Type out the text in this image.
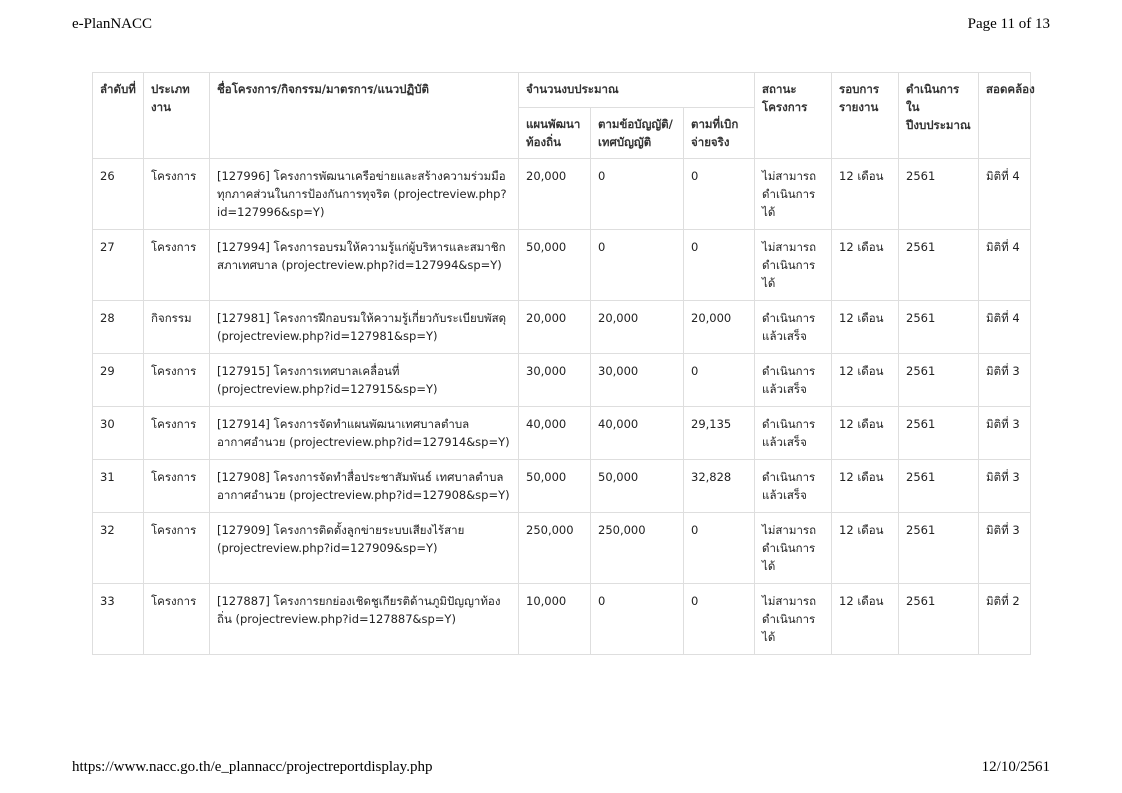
e-PlanNACC	Page 11 of 13
ลำดับที่	ประเภทงาน	ชื่อโครงการ/กิจกรรม/มาตรการ/แนวปฏิบัติ	จำนวนงบประมาณ			สถานะโครงการ	รอบการรายงาน	ดำเนินการในปีงบประมาณ	สอดคล้อง
			แผนพัฒนาท้องถิ่น	ตามข้อบัญญัติ/เทศบัญญัติ	ตามที่เบิกจ่ายจริง				
26	โครงการ	[127996] โครงการพัฒนาเครือข่ายและสร้างความร่วมมือทุกภาคส่วนในการป้องกันการทุจริต (projectreview.php?id=127996&sp=Y)	20,000	0	0	ไม่สามารถดำเนินการได้	12 เดือน	2561	มิติที่ 4
27	โครงการ	[127994] โครงการอบรมให้ความรู้แก่ผู้บริหารและสมาชิกสภาเทศบาล (projectreview.php?id=127994&sp=Y)	50,000	0	0	ไม่สามารถดำเนินการได้	12 เดือน	2561	มิติที่ 4
28	กิจกรรม	[127981] โครงการฝึกอบรมให้ความรู้เกี่ยวกับระเบียบพัสดุ (projectreview.php?id=127981&sp=Y)	20,000	20,000	20,000	ดำเนินการแล้วเสร็จ	12 เดือน	2561	มิติที่ 4
29	โครงการ	[127915] โครงการเทศบาลเคลื่อนที่ (projectreview.php?id=127915&sp=Y)	30,000	30,000	0	ดำเนินการแล้วเสร็จ	12 เดือน	2561	มิติที่ 3
30	โครงการ	[127914] โครงการจัดทำแผนพัฒนาเทศบาลตำบลอากาศอำนวย (projectreview.php?id=127914&sp=Y)	40,000	40,000	29,135	ดำเนินการแล้วเสร็จ	12 เดือน	2561	มิติที่ 3
31	โครงการ	[127908] โครงการจัดทำสื่อประชาสัมพันธ์ เทศบาลตำบลอากาศอำนวย (projectreview.php?id=127908&sp=Y)	50,000	50,000	32,828	ดำเนินการแล้วเสร็จ	12 เดือน	2561	มิติที่ 3
32	โครงการ	[127909] โครงการติดตั้งลูกข่ายระบบเสียงไร้สาย (projectreview.php?id=127909&sp=Y)	250,000	250,000	0	ไม่สามารถดำเนินการได้	12 เดือน	2561	มิติที่ 3
33	โครงการ	[127887] โครงการยกย่องเชิดชูเกียรติด้านภูมิปัญญาท้องถิ่น (projectreview.php?id=127887&sp=Y)	10,000	0	0	ไม่สามารถดำเนินการได้	12 เดือน	2561	มิติที่ 2
https://www.nacc.go.th/e_plannacc/projectreportdisplay.php	12/10/2561
